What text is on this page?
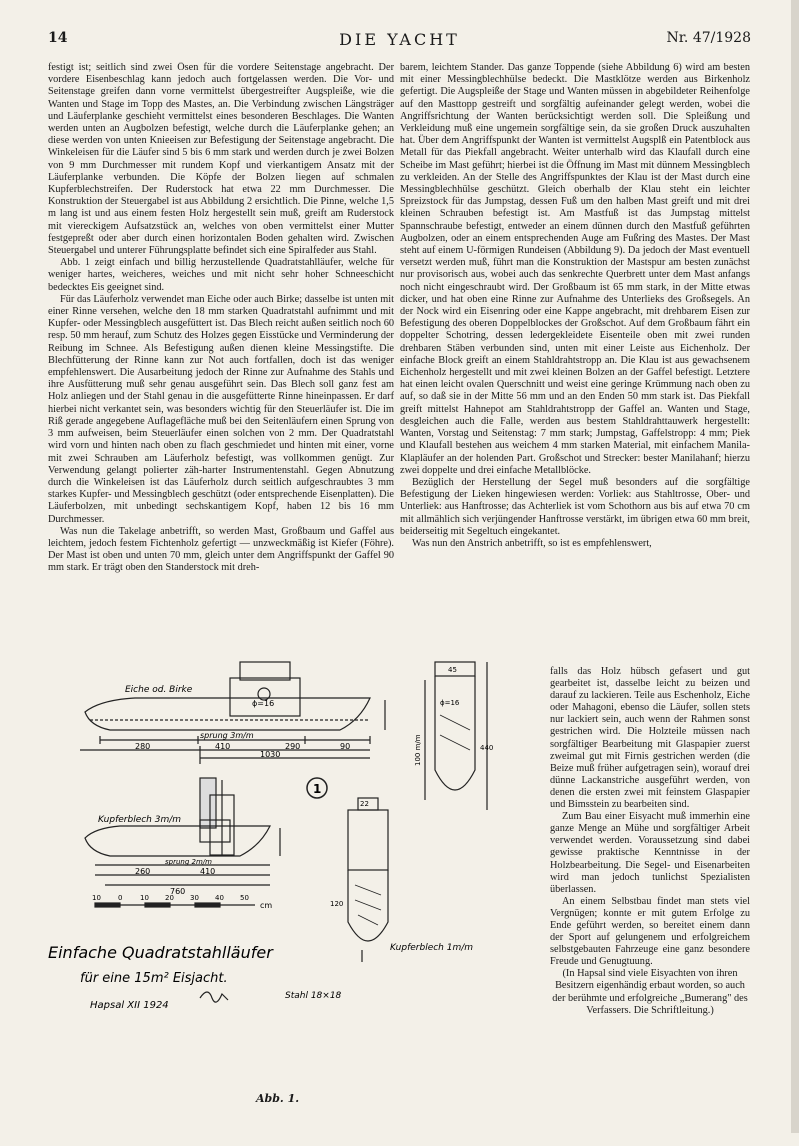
14	DIE YACHT	Nr. 47/1928

festigt ist; seitlich sind zwei Ösen für die vordere Seitenstage angebracht. Der vordere Eisenbeschlag kann jedoch auch fortgelassen werden. Die Vor- und Seitenstage greifen dann vorne vermittelst übergestreifter Augspleiße, wie die Wanten und Stage im Topp des Mastes, an. Die Verbindung zwischen Längsträger und Läuferplanke geschieht vermittelst eines besonderen Beschlages. Die Wanten werden unten an Augbolzen befestigt, welche durch die Läuferplanke gehen; an diese werden von unten Knieeisen zur Befestigung der Seitenstage angebracht. Die Winkeleisen für die Läufer sind 5 bis 6 mm stark und werden durch je zwei Bolzen von 9 mm Durchmesser mit rundem Kopf und vierkantigem Ansatz mit der Läuferplanke verbunden. Die Köpfe der Bolzen liegen auf schmalen Kupferblechstreifen. Der Ruderstock hat etwa 22 mm Durchmesser. Die Konstruktion der Steuergabel ist aus Abbildung 2 ersichtlich. Die Pinne, welche 1,5 m lang ist und aus einem festen Holz hergestellt sein muß, greift am Ruderstock mit viereckigem Aufsatzstück an, welches von oben vermittelst einer Mutter festgepreßt oder aber durch einen horizontalen Boden gehalten wird. Zwischen Steuergabel und unterer Führungsplatte befindet sich eine Spiralfeder aus Stahl.

Abb. 1 zeigt einfach und billig herzustellende Quadratstahlläufer, welche für weniger hartes, weicheres, weiches und mit nicht sehr hoher Schneeschicht bedecktes Eis geeignet sind.

Für das Läuferholz verwendet man Eiche oder auch Birke; dasselbe ist unten mit einer Rinne versehen, welche den 18 mm starken Quadratstahl aufnimmt und mit Kupfer- oder Messingblech ausgefüttert ist. Das Blech reicht außen seitlich noch 60 resp. 50 mm herauf, zum Schutz des Holzes gegen Eisstücke und Verminderung der Reibung im Schnee. Als Befestigung außen dienen kleine Messingstifte. Die Blechfütterung der Rinne kann zur Not auch fortfallen, doch ist das weniger empfehlenswert. Die Ausarbeitung jedoch der Rinne zur Aufnahme des Stahls und ihre Ausfütterung muß sehr genau ausgeführt sein. Das Blech soll ganz fest am Holz anliegen und der Stahl genau in die ausgefütterte Rinne hineinpassen. Er darf hierbei nicht verkantet sein, was besonders wichtig für den Steuerläufer ist. Die im Riß gerade angegebene Auflagefläche muß bei den Seitenläufern einen Sprung von 3 mm aufweisen, beim Steuerläufer einen solchen von 2 mm. Der Quadratstahl wird vorn und hinten nach oben zu flach geschmiedet und hinten mit einer, vorne mit zwei Schrauben am Läuferholz befestigt, was vollkommen genügt. Zur Verwendung gelangt polierter zäh-harter Instrumentenstahl. Gegen Abnutzung durch die Winkeleisen ist das Läuferholz durch seitlich aufgeschraubtes 3 mm starkes Kupfer- und Messingblech geschützt (oder entsprechende Eisenplatten). Die Läuferbolzen, mit unbedingt sechskantigem Kopf, haben 12 bis 16 mm Durchmesser.

Was nun die Takelage anbetrifft, so werden Mast, Großbaum und Gaffel aus leichtem, jedoch festem Fichtenholz gefertigt — unzweckmäßig ist Kiefer (Föhre). Der Mast ist oben und unten 70 mm, gleich unter dem Angriffspunkt der Gaffel 90 mm stark. Er trägt oben den Standerstock mit dreh-

barem, leichtem Stander. Das ganze Toppende (siehe Abbildung 6) wird am besten mit einer Messingblechhülse bedeckt. Die Mastklötze werden aus Birkenholz gefertigt. Die Augspleiße der Stage und Wanten müssen in abgebildeter Reihenfolge auf den Masttopp gestreift und sorgfältig aufeinander gelegt werden, wobei die Angriffsrichtung der Wanten berücksichtigt werden soll. Die Spleißung und Verkleidung muß eine ungemein sorgfältige sein, da sie großen Druck auszuhalten hat. Über dem Angriffspunkt der Wanten ist vermittelst Augsplß ein Patentblock aus Metall für das Piekfall angebracht. Weiter unterhalb wird das Klaufall durch eine Scheibe im Mast geführt; hierbei ist die Öffnung im Mast mit dünnem Messingblech zu verkleiden. An der Stelle des Angriffspunktes der Klau ist der Mast durch eine Messingblechhülse geschützt. Gleich oberhalb der Klau steht ein leichter Spreizstock für das Jumpstag, dessen Fuß um den halben Mast greift und mit drei kleinen Schrauben befestigt ist. Am Mastfuß ist das Jumpstag mittelst Spannschraube befestigt, entweder an einem dünnen durch den Mastfuß geführten Augbolzen, oder an einem entsprechenden Auge am Fußring des Mastes. Der Mast steht auf einem U-förmigen Rundeisen (Abbildung 9). Da jedoch der Mast eventuell versetzt werden muß, führt man die Konstruktion der Mastspur am besten zunächst nur provisorisch aus, wobei auch das senkrechte Querbrett unter dem Mast anfangs noch nicht eingeschraubt wird. Der Großbaum ist 65 mm stark, in der Mitte etwas dicker, und hat oben eine Rinne zur Aufnahme des Unterlieks des Großsegels. An der Nock wird ein Eisenring oder eine Kappe angebracht, mit drehbarem Eisen zur Befestigung des oberen Doppelblockes der Großschot. Auf dem Großbaum fährt ein doppelter Schotring, dessen ledergekleidete Eisenteile oben mit zwei runden drehbaren Stäben verbunden sind, unten mit einer Leiste aus Eichenholz. Der einfache Block greift an einem Stahldrahtstropp an. Die Klau ist aus gewachsenem Eichenholz hergestellt und mit zwei kleinen Bolzen an der Gaffel befestigt. Letztere hat einen leicht ovalen Querschnitt und weist eine geringe Krümmung nach oben zu auf, so daß sie in der Mitte 56 mm und an den Enden 50 mm stark ist. Das Piekfall greift mittelst Hahnepot am Stahldrahtstropp der Gaffel an. Wanten und Stage, desgleichen auch die Falle, werden aus bestem Stahldrahttauwerk hergestellt: Wanten, Vorstag und Seitenstag: 7 mm stark; Jumpstag, Gaffelstropp: 4 mm; Piek und Klaufall bestehen aus weichem 4 mm starken Material, mit einfachem Manila-Klapläufer an der holenden Part. Großschot und Strecker: bester Manilahanf; hierzu zwei doppelte und drei einfache Metallblöcke.

Bezüglich der Herstellung der Segel muß besonders auf die sorgfältige Befestigung der Lieken hingewiesen werden: Vorliek: aus Stahltrosse, Ober- und Unterliek: aus Hanftrosse; das Achterliek ist vom Schothorn aus bis auf etwa 70 cm mit allmählich sich verjüngender Hanftrosse verstärkt, im übrigen etwa 60 mm breit, beiderseitig mit Segeltuch eingekantet.

Was nun den Anstrich anbetrifft, so ist es empfehlenswert,

falls das Holz hübsch gefasert und gut gearbeitet ist, dasselbe leicht zu beizen und darauf zu lackieren. Teile aus Eschenholz, Eiche oder Mahagoni, ebenso die Läufer, sollen stets nur lackiert sein, auch wenn der Rahmen sonst gestrichen wird. Die Holzteile müssen nach sorgfältiger Bearbeitung mit Glaspapier zuerst zweimal gut mit Firnis gestrichen werden (die Beize muß früher aufgetragen sein), worauf drei dünne Lackanstriche ausgeführt werden, von denen die ersten zwei mit feinstem Glaspapier und Bimsstein zu bearbeiten sind.

Zum Bau einer Eisyacht muß immerhin eine ganze Menge an Mühe und sorgfältiger Arbeit verwendet werden. Voraussetzung sind dabei gewisse praktische Kenntnisse in der Holzbearbeitung. Die Segel- und Eisenarbeiten wird man jedoch tunlichst Spezialisten überlassen.

An einem Selbstbau findet man stets viel Vergnügen; konnte er mit gutem Erfolge zu Ende geführt werden, so bereitet einem dann der Sport auf gelungenem und erfolgreichem selbstgebauten Fahrzeuge eine ganz besondere Freude und Genugtuung.

(In Hapsal sind viele Eisyachten von ihren Besitzern eigenhändig erbaut worden, so auch der berühmte und erfolgreiche „Bumerang" des Verfassers. Die Schriftleitung.)

Eiche od. Birke
ϕ=16
sprung 3m/m
280	410	290	90
1030
1
Kupferblech 3m/m
sprung 2m/m
260	410
760
10 0	10 20 30 40 50
cm
22
120
Kupferblech 1m/m
Stahl 18×18
45
ϕ=16
440
100 m/m
Einfache Quadratstahlläufer
für eine 15m² Eisjacht.
Hapsal XII 1924
Abb. 1.
